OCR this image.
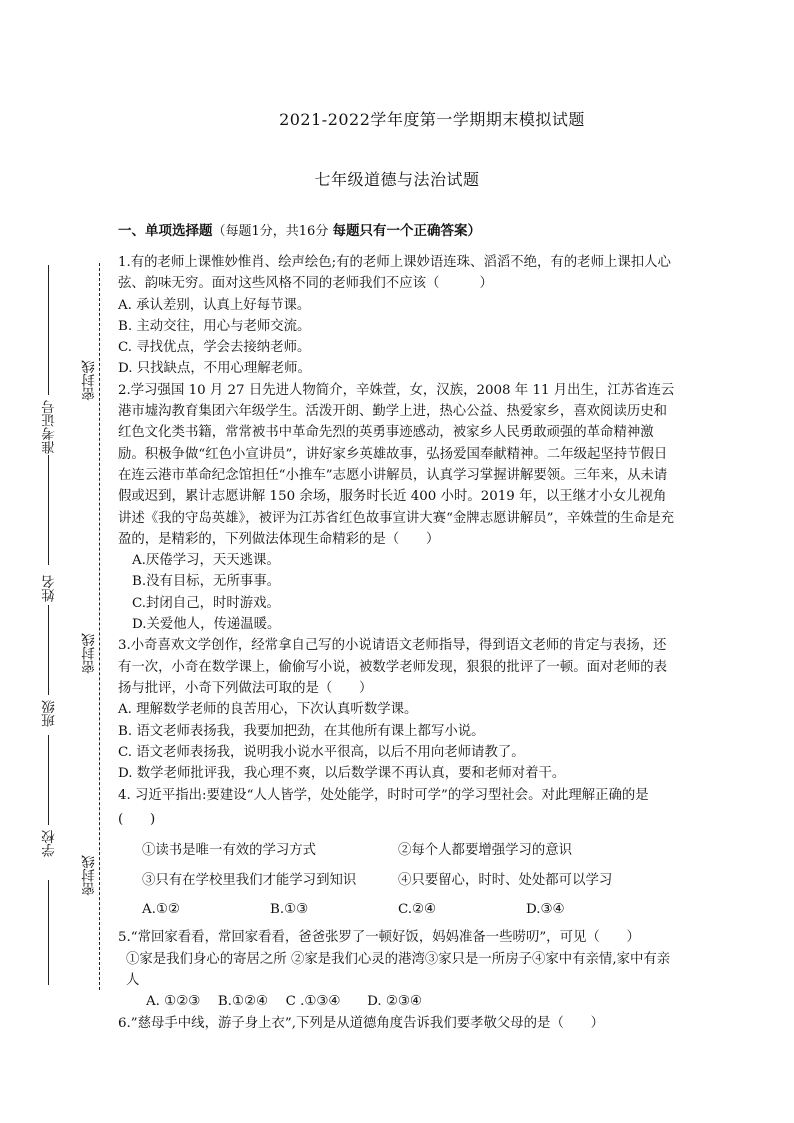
2021-2022学年度第一学期期末模拟试题
七年级道德与法治试题
一、单项选择题（每题1分，共16分 每题只有一个正确答案）
密封线
准考证号
姓名
密封线
班级
学校
密封线

1.有的老师上课惟妙惟肖、绘声绘色;有的老师上课妙语连珠、滔滔不绝，有的老师上课扣人心弦、韵味无穷。面对这些风格不同的老师我们不应该（　　　）

A. 承认差别，认真上好每节课。

B. 主动交往，用心与老师交流。

C. 寻找优点，学会去接纳老师。

D. 只找缺点，不用心理解老师。

2.学习强国 10 月 27 日先进人物简介，辛姝萱，女，汉族，2008 年 11 月出生，江苏省连云港市墟沟教育集团六年级学生。活泼开朗、勤学上进，热心公益、热爱家乡，喜欢阅读历史和红色文化类书籍，常常被书中革命先烈的英勇事迹感动，被家乡人民勇敢顽强的革命精神激励。积极争做“红色小宣讲员”，讲好家乡英雄故事，弘扬爱国奉献精神。二年级起坚持节假日在连云港市革命纪念馆担任“小推车”志愿小讲解员，认真学习掌握讲解要领。三年来，从未请假或迟到，累计志愿讲解 150 余场，服务时长近 400 小时。2019 年，以王继才小女儿视角讲述《我的守岛英雄》，被评为江苏省红色故事宣讲大赛“金牌志愿讲解员”，辛姝萱的生命是充盈的，是精彩的，下列做法体现生命精彩的是（　　）

A.厌倦学习，天天逃课。

B.没有目标，无所事事。

C.封闭自己，时时游戏。

D.关爱他人，传递温暖。

3.小奇喜欢文学创作，经常拿自己写的小说请语文老师指导，得到语文老师的肯定与表扬，还有一次，小奇在数学课上，偷偷写小说，被数学老师发现，狠狠的批评了一顿。面对老师的表扬与批评，小奇下列做法可取的是（　　）

A. 理解数学老师的良苦用心，下次认真听数学课。

B. 语文老师表扬我，我要加把劲，在其他所有课上都写小说。

C. 语文老师表扬我，说明我小说水平很高，以后不用向老师请教了。

D. 数学老师批评我，我心理不爽，以后数学课不再认真，要和老师对着干。

4. 习近平指出:要建设“人人皆学，处处能学，时时可学”的学习型社会。对此理解正确的是(　　)

①读书是唯一有效的学习方式	②每个人都要增强学习的意识
③只有在学校里我们才能学习到知识	④只要留心，时时、处处都可以学习
A.①②	B.①③	C.②④	D.③④

5.“常回家看看，常回家看看，爸爸张罗了一顿好饭，妈妈准备一些唠叨”，可见（　　）

①家是我们身心的寄居之所 ②家是我们心灵的港湾③家只是一所房子④家中有亲情,家中有亲人

A. ①②③　 B.①②④　 C .①③④　　D. ②③④

6.”慈母手中线，游子身上衣”,下列是从道德角度告诉我们要孝敬父母的是（　　）
